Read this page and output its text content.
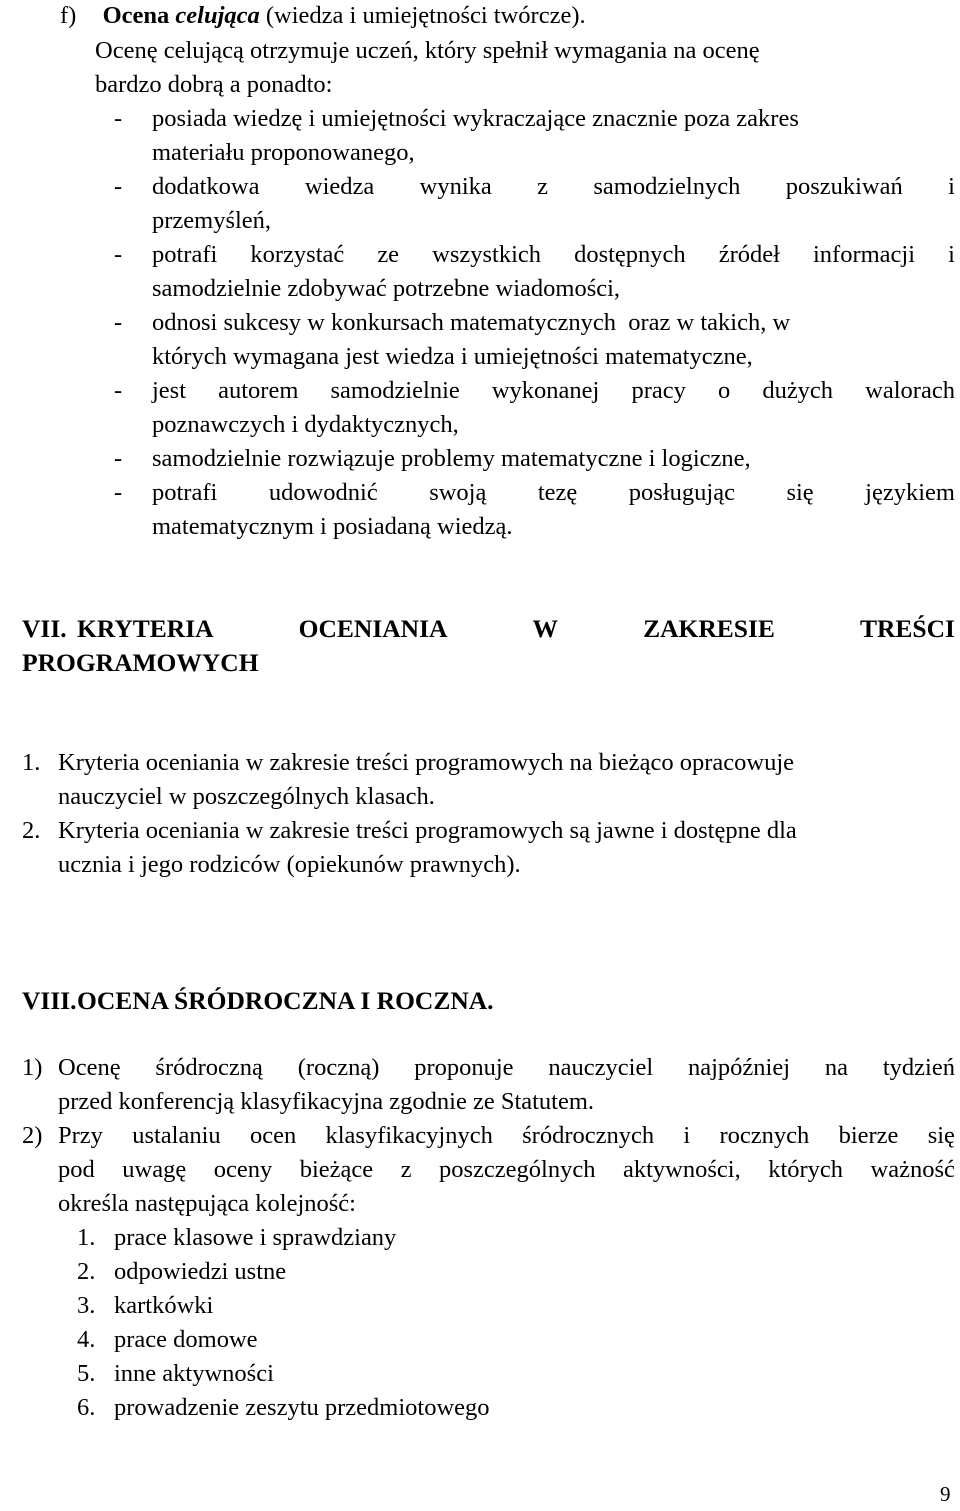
f) Ocena celująca (wiedza i umiejętności twórcze).
Ocenę celującą otrzymuje uczeń, który spełnił wymagania na ocenę
bardzo dobrą a ponadto:
- posiada wiedzę i umiejętności wykraczające znacznie poza zakres
materiału proponowanego,
- dodatkowa wiedza wynika z samodzielnych poszukiwań i
przemyśleń,
- potrafi korzystać ze wszystkich dostępnych źródeł informacji i
samodzielnie zdobywać potrzebne wiadomości,
- odnosi sukcesy w konkursach matematycznych  oraz w takich, w
których wymagana jest wiedza i umiejętności matematyczne,
- jest autorem samodzielnie wykonanej pracy o dużych walorach
poznawczych i dydaktycznych,
- samodzielnie rozwiązuje problemy matematyczne i logiczne,
- potrafi udowodnić swoją tezę posługując się językiem
matematycznym i posiadaną wiedzą.
VII. KRYTERIA	OCENIANIA	W	ZAKRESIE	TREŚCI
PROGRAMOWYCH
1. Kryteria oceniania w zakresie treści programowych na bieżąco opracowuje
nauczyciel w poszczególnych klasach.
2. Kryteria oceniania w zakresie treści programowych są jawne i dostępne dla
ucznia i jego rodziców (opiekunów prawnych).
VIII. OCENA ŚRÓDROCZNA I ROCZNA.
1) Ocenę śródroczną (roczną) proponuje nauczyciel najpóźniej na tydzień
przed konferencją klasyfikacyjna zgodnie ze Statutem.
2) Przy ustalaniu ocen klasyfikacyjnych śródrocznych i rocznych bierze się
pod uwagę oceny bieżące z poszczególnych aktywności, których ważność
określa następująca kolejność:
1. prace klasowe i sprawdziany
2. odpowiedzi ustne
3. kartkówki
4. prace domowe
5. inne aktywności
6. prowadzenie zeszytu przedmiotowego
9
